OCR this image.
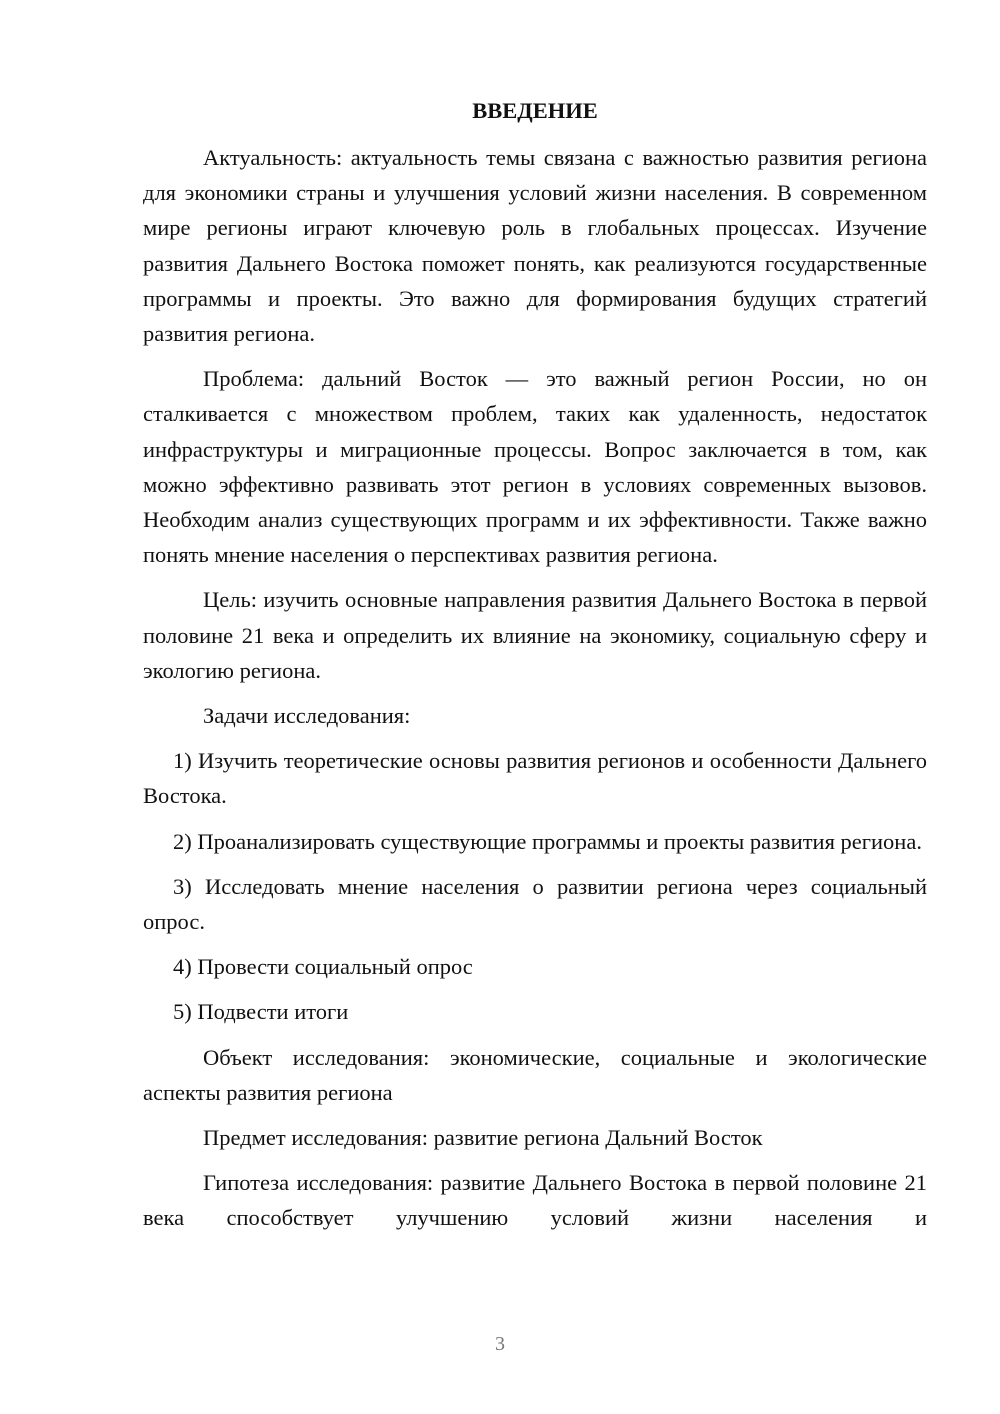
ВВЕДЕНИЕ

Актуальность: актуальность темы связана с важностью развития региона для экономики страны и улучшения условий жизни населения. В современном мире регионы играют ключевую роль в глобальных процессах. Изучение развития Дальнего Востока поможет понять, как реализуются государственные программы и проекты. Это важно для формирования будущих стратегий развития региона.

Проблема: дальний Восток — это важный регион России, но он сталкивается с множеством проблем, таких как удаленность, недостаток инфраструктуры и миграционные процессы. Вопрос заключается в том, как можно эффективно развивать этот регион в условиях современных вызовов. Необходим анализ существующих программ и их эффективности. Также важно понять мнение населения о перспективах развития региона.

Цель: изучить основные направления развития Дальнего Востока в первой половине 21 века и определить их влияние на экономику, социальную сферу и экологию региона.

Задачи исследования:

1) Изучить теоретические основы развития регионов и особенности Дальнего Востока.

2) Проанализировать существующие программы и проекты развития региона.

3) Исследовать мнение населения о развитии региона через социальный опрос.

4) Провести социальный опрос

5) Подвести итоги

Объект исследования: экономические, социальные и экологические аспекты развития региона

Предмет исследования: развитие региона Дальний Восток

Гипотеза исследования: развитие Дальнего Востока в первой половине 21 века способствует улучшению условий жизни населения и

3
